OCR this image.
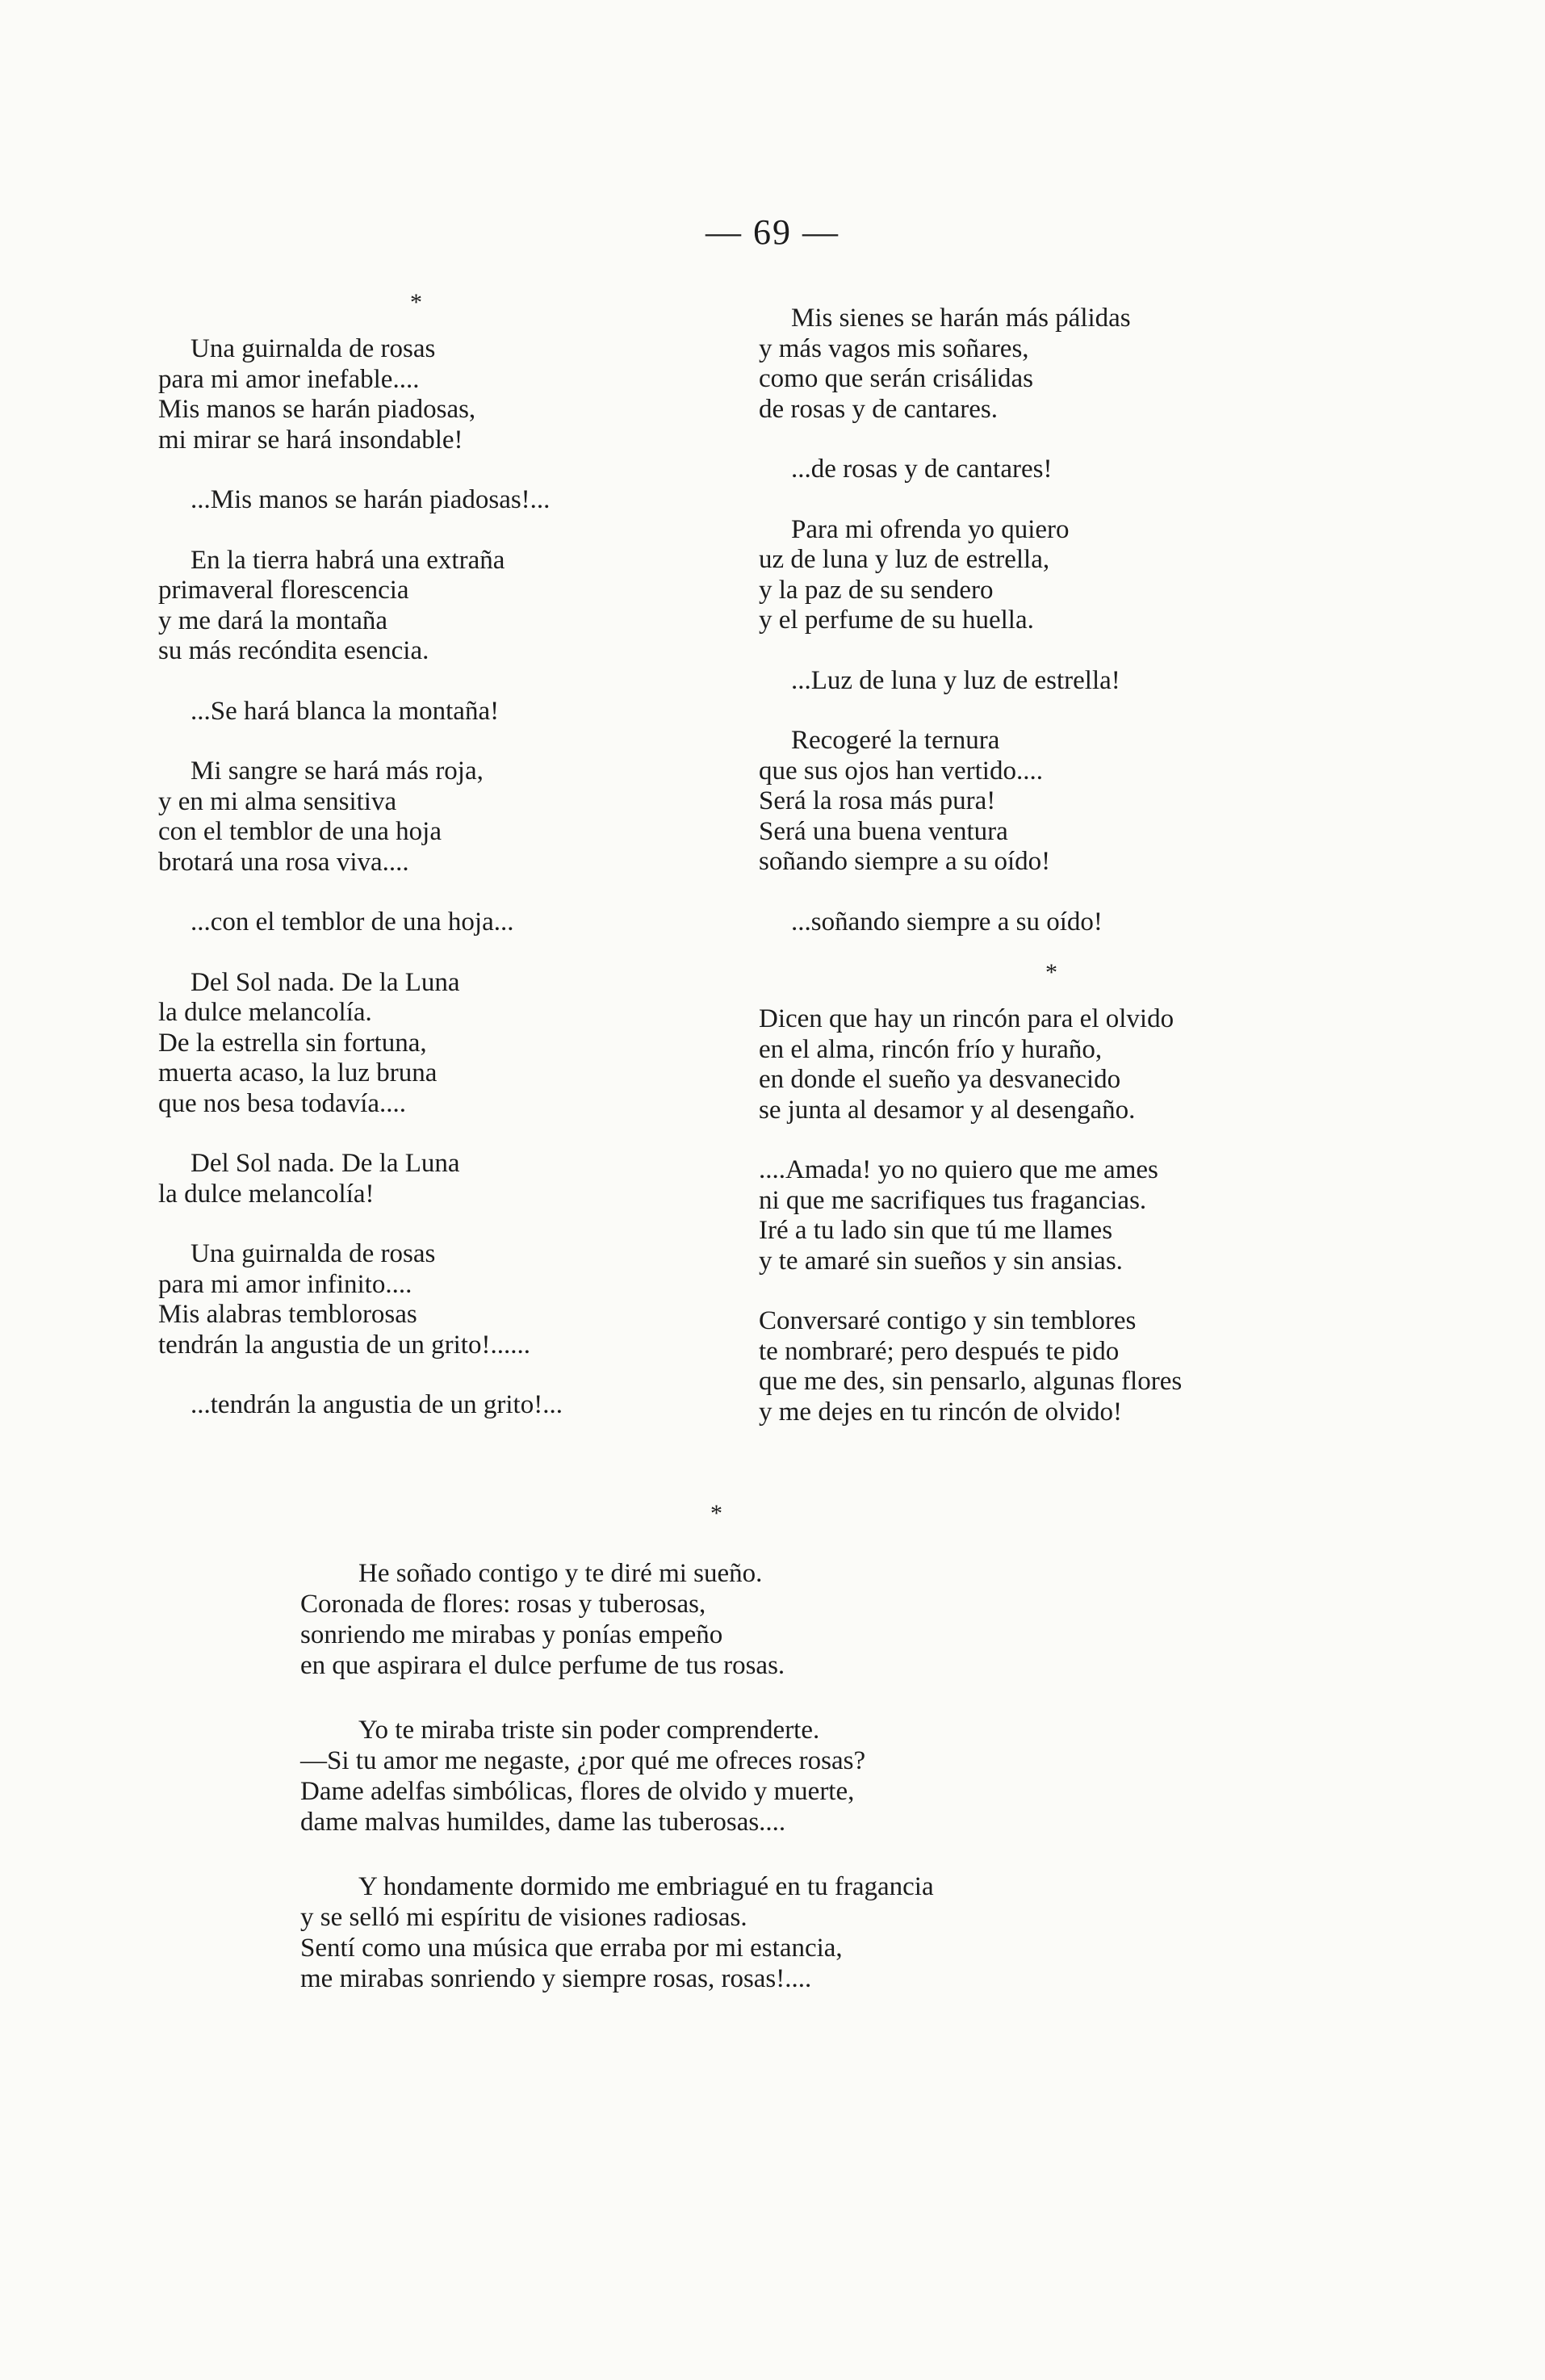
— 69 —
*
Una guirnalda de rosas
para mi amor inefable....
Mis manos se harán piadosas,
mi mirar se hará insondable!
...Mis manos se harán piadosas!...
En la tierra habrá una extraña
primaveral florescencia
y me dará la montaña
su más recóndita esencia.
...Se hará blanca la montaña!
Mi sangre se hará más roja,
y en mi alma sensitiva
con el temblor de una hoja
brotará una rosa viva....
...con el temblor de una hoja...
Del Sol nada. De la Luna
la dulce melancolía.
De la estrella sin fortuna,
muerta acaso, la luz bruna
que nos besa todavía....
Del Sol nada. De la Luna
la dulce melancolía!
Una guirnalda de rosas
para mi amor infinito....
Mis alabras temblorosas
tendrán la angustia de un grito!......
...tendrán la angustia de un grito!...
Mis sienes se harán más pálidas
y más vagos mis soñares,
como que serán crisálidas
de rosas y de cantares.
...de rosas y de cantares!
Para mi ofrenda yo quiero
uz de luna y luz de estrella,
y la paz de su sendero
y el perfume de su huella.
...Luz de luna y luz de estrella!
Recogeré la ternura
que sus ojos han vertido....
Será la rosa más pura!
Será una buena ventura
soñando siempre a su oído!
...soñando siempre a su oído!
*
Dicen que hay un rincón para el olvido
en el alma, rincón frío y huraño,
en donde el sueño ya desvanecido
se junta al desamor y al desengaño.
....Amada! yo no quiero que me ames
ni que me sacrifiques tus fragancias.
Iré a tu lado sin que tú me llames
y te amaré sin sueños y sin ansias.
Conversaré contigo y sin temblores
te nombraré; pero después te pido
que me des, sin pensarlo, algunas flores
y me dejes en tu rincón de olvido!
*
He soñado contigo y te diré mi sueño.
Coronada de flores: rosas y tuberosas,
sonriendo me mirabas y ponías empeño
en que aspirara el dulce perfume de tus rosas.
Yo te miraba triste sin poder comprenderte.
—Si tu amor me negaste, ¿por qué me ofreces rosas?
Dame adelfas simbólicas, flores de olvido y muerte,
dame malvas humildes, dame las tuberosas....
Y hondamente dormido me embriagué en tu fragancia
y se selló mi espíritu de visiones radiosas.
Sentí como una música que erraba por mi estancia,
me mirabas sonriendo y siempre rosas, rosas!....
